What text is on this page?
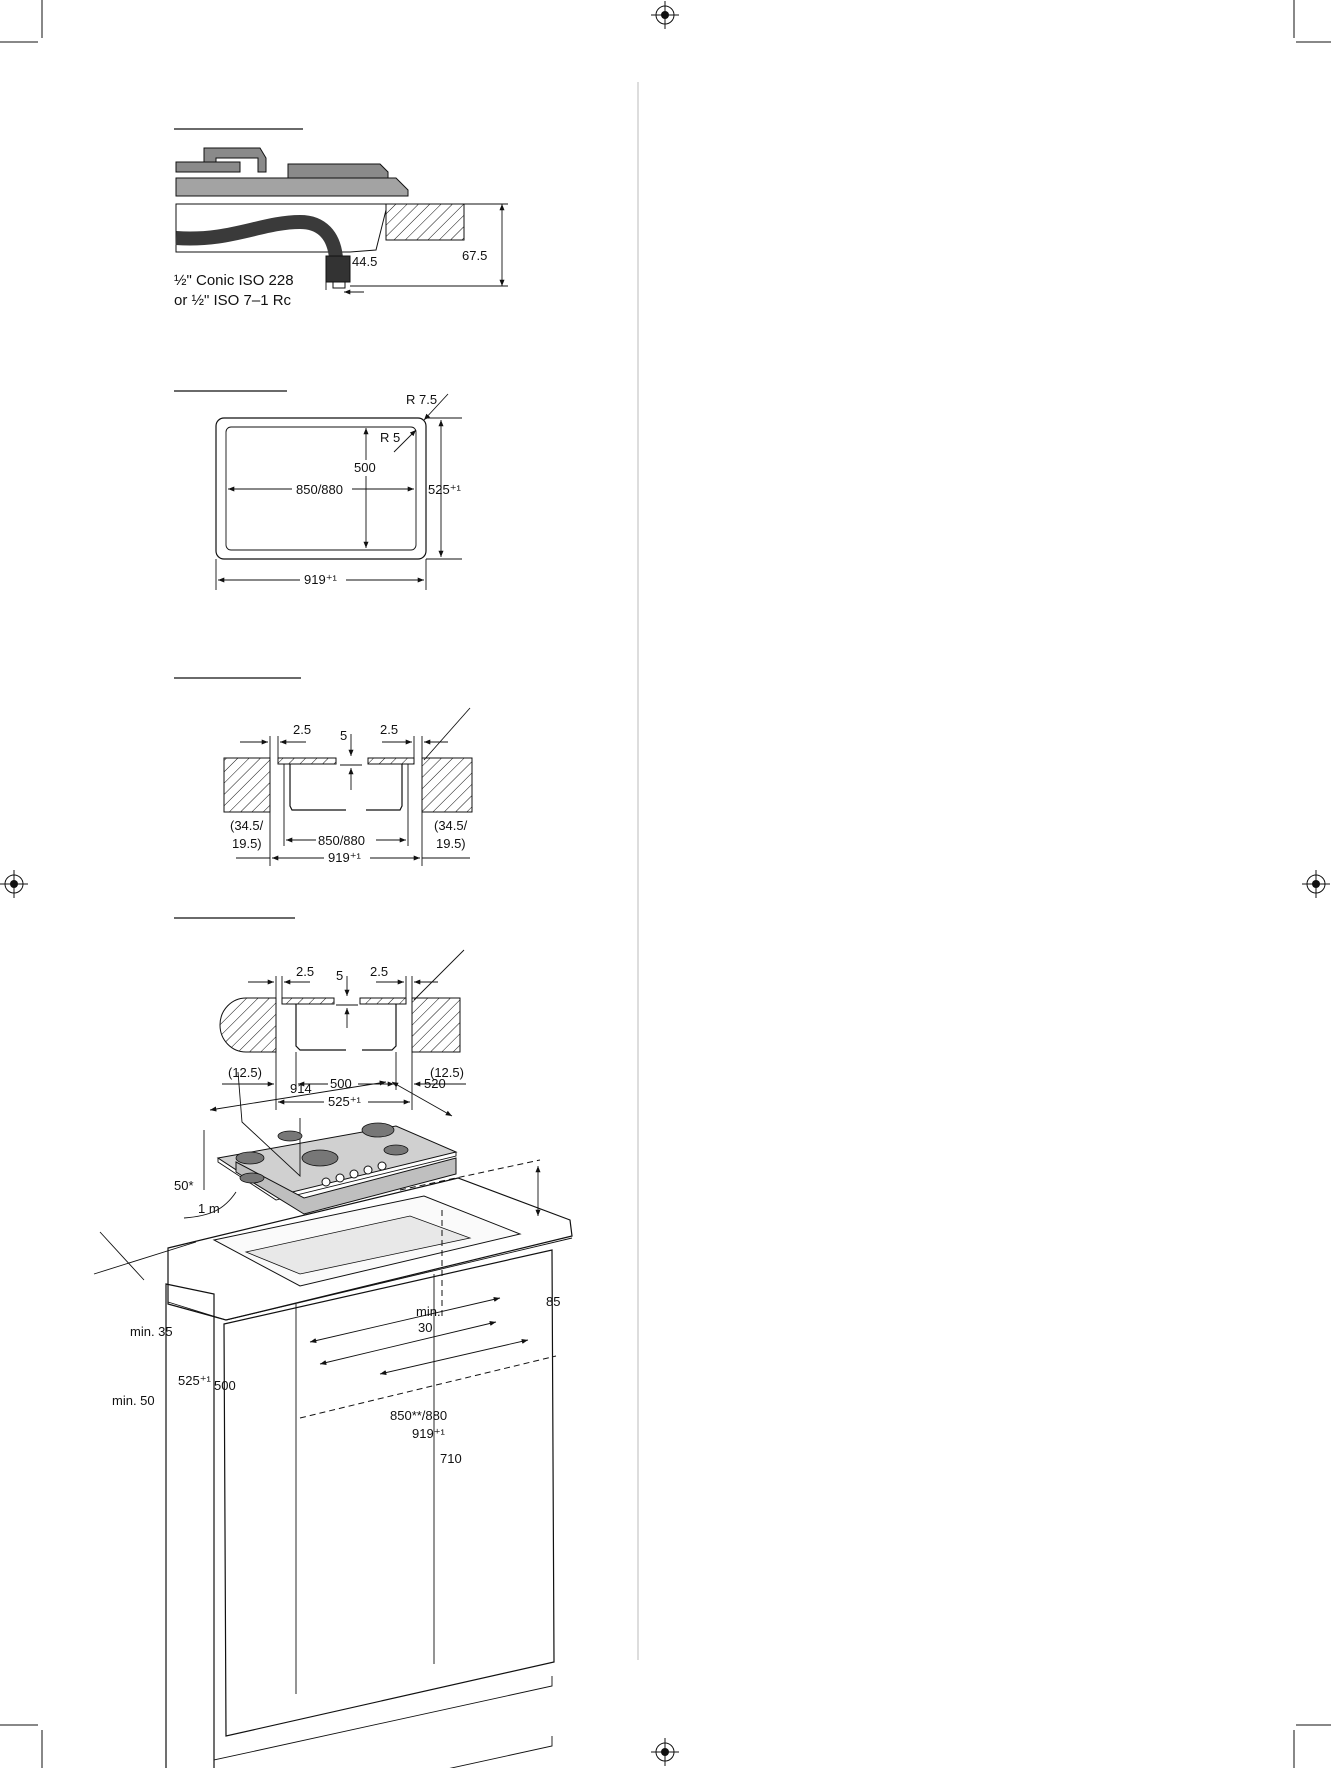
67.5
44.5
½" Conic ISO 228
or ½" ISO 7–1 Rc
850/880
500
R 5
R 7.5
525⁺¹
919⁺¹
2.5	2.5
5
(34.5/
19.5)
(34.5/
19.5)
850/880
919⁺¹
2.5	2.5
5
(12.5)	(12.5)
500
525⁺¹
914	520
50*
1 m
min. 35
525⁺¹ 500
min. 50
min.
30
85
850**/880
919⁺¹
710
